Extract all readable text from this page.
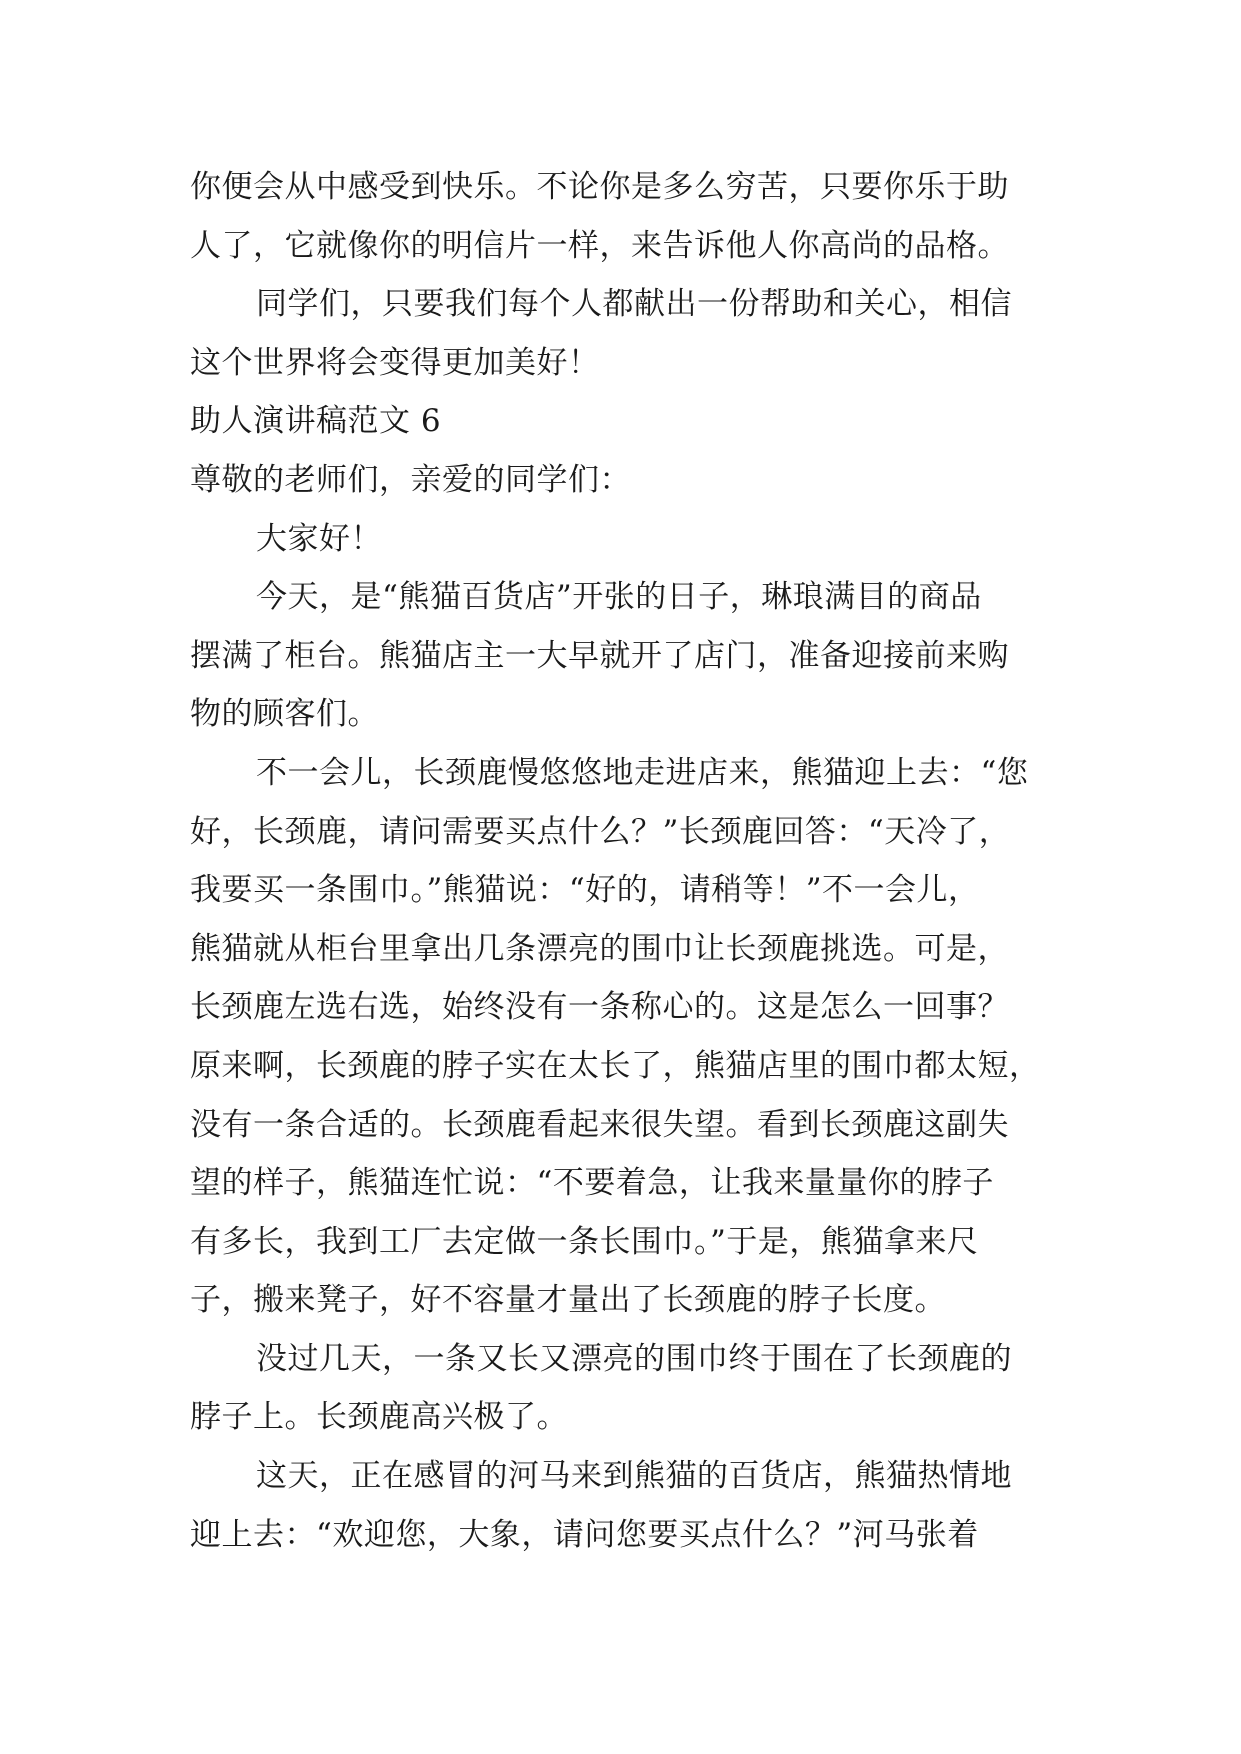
你便会从中感受到快乐。不论你是多么穷苦，只要你乐于助
人了，它就像你的明信片一样，来告诉他人你高尚的品格。
同学们，只要我们每个人都献出一份帮助和关心，相信
这个世界将会变得更加美好！
助人演讲稿范文 6
尊敬的老师们，亲爱的同学们：
大家好！
今天，是“熊猫百货店”开张的日子，琳琅满目的商品
摆满了柜台。熊猫店主一大早就开了店门，准备迎接前来购
物的顾客们。
不一会儿，长颈鹿慢悠悠地走进店来，熊猫迎上去：“您
好，长颈鹿，请问需要买点什么？”长颈鹿回答：“天冷了，
我要买一条围巾。”熊猫说：“好的，请稍等！”不一会儿，
熊猫就从柜台里拿出几条漂亮的围巾让长颈鹿挑选。可是，
长颈鹿左选右选，始终没有一条称心的。这是怎么一回事？
原来啊，长颈鹿的脖子实在太长了，熊猫店里的围巾都太短，
没有一条合适的。长颈鹿看起来很失望。看到长颈鹿这副失
望的样子，熊猫连忙说：“不要着急，让我来量量你的脖子
有多长，我到工厂去定做一条长围巾。”于是，熊猫拿来尺
子，搬来凳子，好不容量才量出了长颈鹿的脖子长度。
没过几天，一条又长又漂亮的围巾终于围在了长颈鹿的
脖子上。长颈鹿高兴极了。
这天，正在感冒的河马来到熊猫的百货店，熊猫热情地
迎上去：“欢迎您，大象，请问您要买点什么？”河马张着
